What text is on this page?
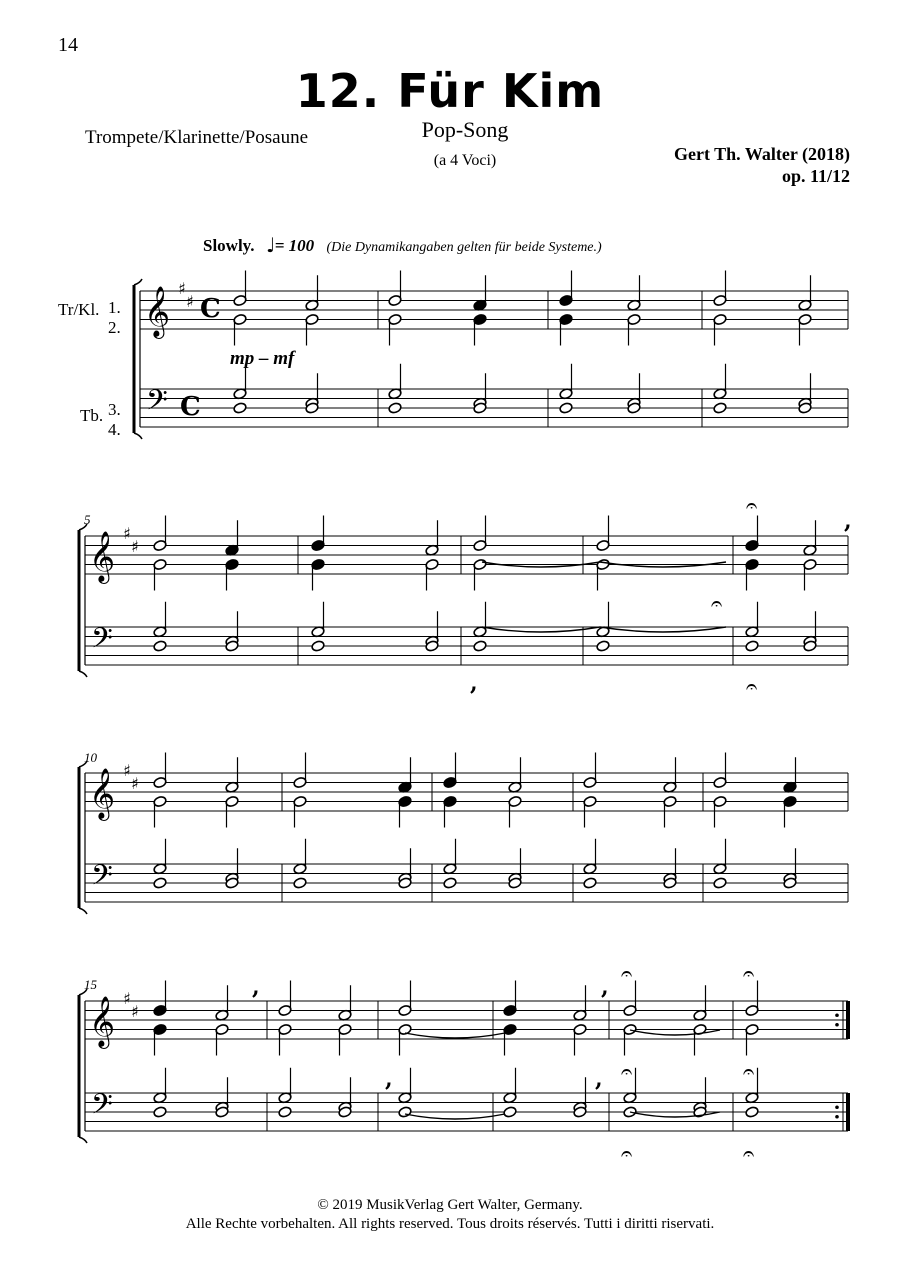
14
12. Für Kim
Trompete/Klarinette/Posaune	Pop-Song
(a 4 Voci)	Gert Th. Walter (2018)
op. 11/12
Slowly. = 100 (Die Dynamikangaben gelten für beide Systeme.)
mp – mf
Tr/Kl. 1.
2.
Tb. 3.
4.
5
10
15
𝄞
𝄢
♯
♯ C
C
𝄞
𝄢
♯
♯
𝄞
𝄢
♯
♯
𝄞
𝄢
♯
♯
♩
𝄐
𝄐
𝄐	𝄐
𝄐	𝄐
𝄐
𝄐	𝄐
,
,
,
,	,
,
© 2019 MusikVerlag Gert Walter, Germany.
Alle Rechte vorbehalten. All rights reserved. Tous droits réservés. Tutti i diritti riservati.
